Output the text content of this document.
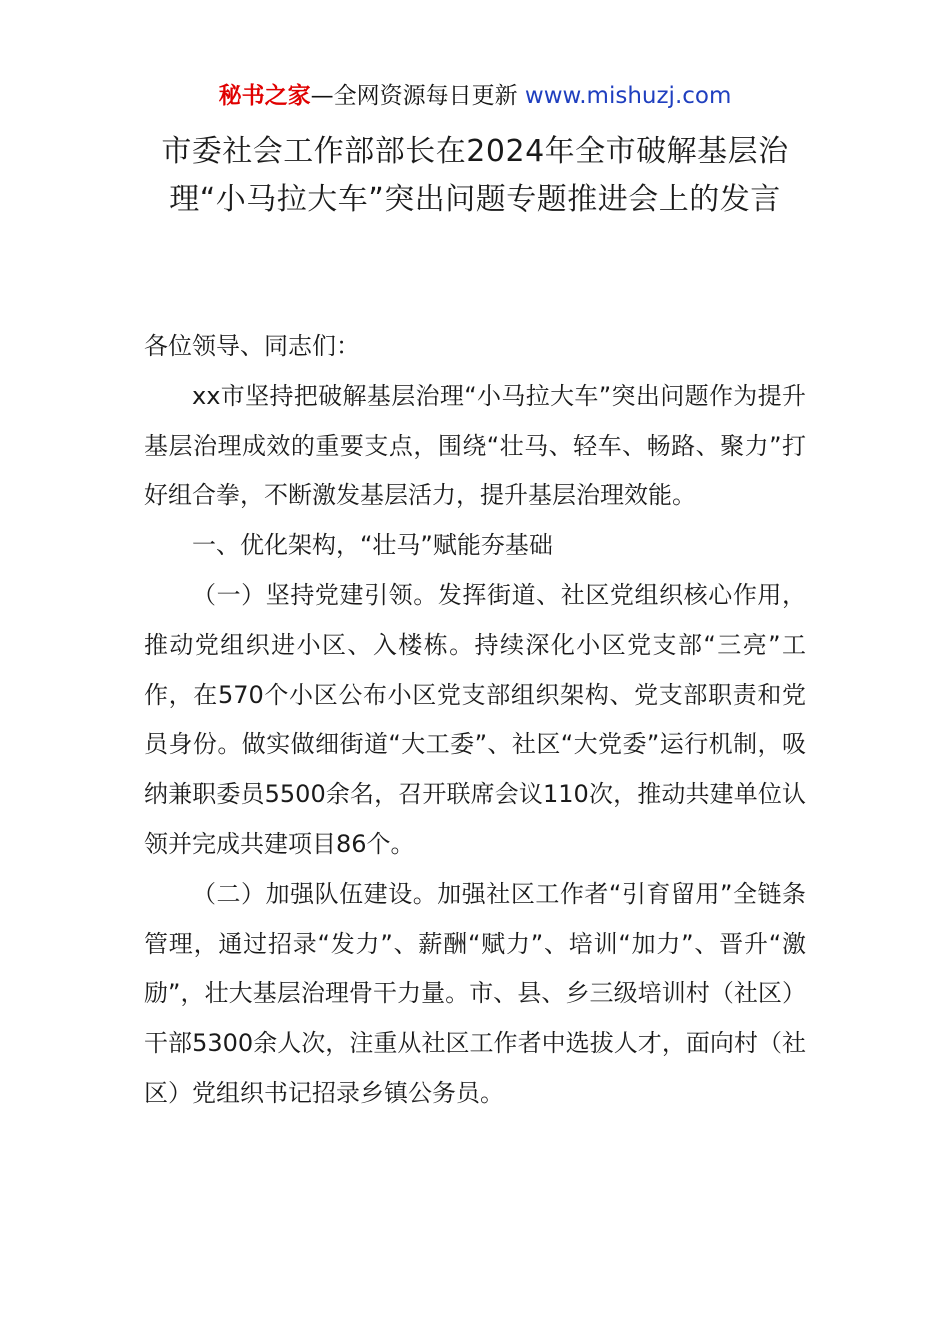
秘书之家—全网资源每日更新 www.mishuzj.com
市委社会工作部部长在2024年全市破解基层治理“小马拉大车”突出问题专题推进会上的发言

各位领导、同志们：

xx市坚持把破解基层治理“小马拉大车”突出问题作为提升基层治理成效的重要支点，围绕“壮马、轻车、畅路、聚力”打好组合拳，不断激发基层活力，提升基层治理效能。

一、优化架构，“壮马”赋能夯基础

（一）坚持党建引领。发挥街道、社区党组织核心作用，推动党组织进小区、入楼栋。持续深化小区党支部“三亮”工作，在570个小区公布小区党支部组织架构、党支部职责和党员身份。做实做细街道“大工委”、社区“大党委”运行机制，吸纳兼职委员5500余名，召开联席会议110次，推动共建单位认领并完成共建项目86个。

（二）加强队伍建设。加强社区工作者“引育留用”全链条管理，通过招录“发力”、薪酬“赋力”、培训“加力”、晋升“激励”，壮大基层治理骨干力量。市、县、乡三级培训村（社区）干部5300余人次，注重从社区工作者中选拔人才，面向村（社区）党组织书记招录乡镇公务员。
